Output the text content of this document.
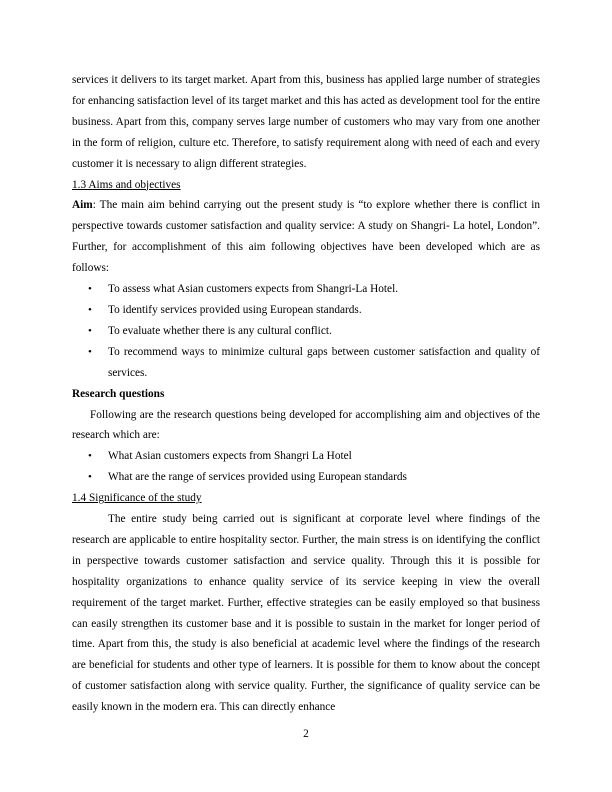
services it delivers to its target market. Apart from this, business has applied large number of strategies for enhancing satisfaction level of its target market and this has acted as development tool for the entire business. Apart from this, company serves large number of customers who may vary from one another in the form of religion, culture etc. Therefore, to satisfy requirement along with need of each and every customer it is necessary to align different strategies.

1.3 Aims and objectives

Aim: The main aim behind carrying out the present study is “to explore whether there is conflict in perspective towards customer satisfaction and quality service: A study on Shangri- La hotel, London”. Further, for accomplishment of this aim following objectives have been developed which are as follows:

• To assess what Asian customers expects from Shangri-La Hotel.
• To identify services provided using European standards.
• To evaluate whether there is any cultural conflict.
• To recommend ways to minimize cultural gaps between customer satisfaction and quality of services.

Research questions

Following are the research questions being developed for accomplishing aim and objectives of the research which are:

• What Asian customers expects from Shangri La Hotel
• What are the range of services provided using European standards
1.4 Significance of the study

The entire study being carried out is significant at corporate level where findings of the research are applicable to entire hospitality sector. Further, the main stress is on identifying the conflict in perspective towards customer satisfaction and service quality. Through this it is possible for hospitality organizations to enhance quality service of its service keeping in view the overall requirement of the target market. Further, effective strategies can be easily employed so that business can easily strengthen its customer base and it is possible to sustain in the market for longer period of time. Apart from this, the study is also beneficial at academic level where the findings of the research are beneficial for students and other type of learners. It is possible for them to know about the concept of customer satisfaction along with service quality. Further, the significance of quality service can be easily known in the modern era. This can directly enhance

2
